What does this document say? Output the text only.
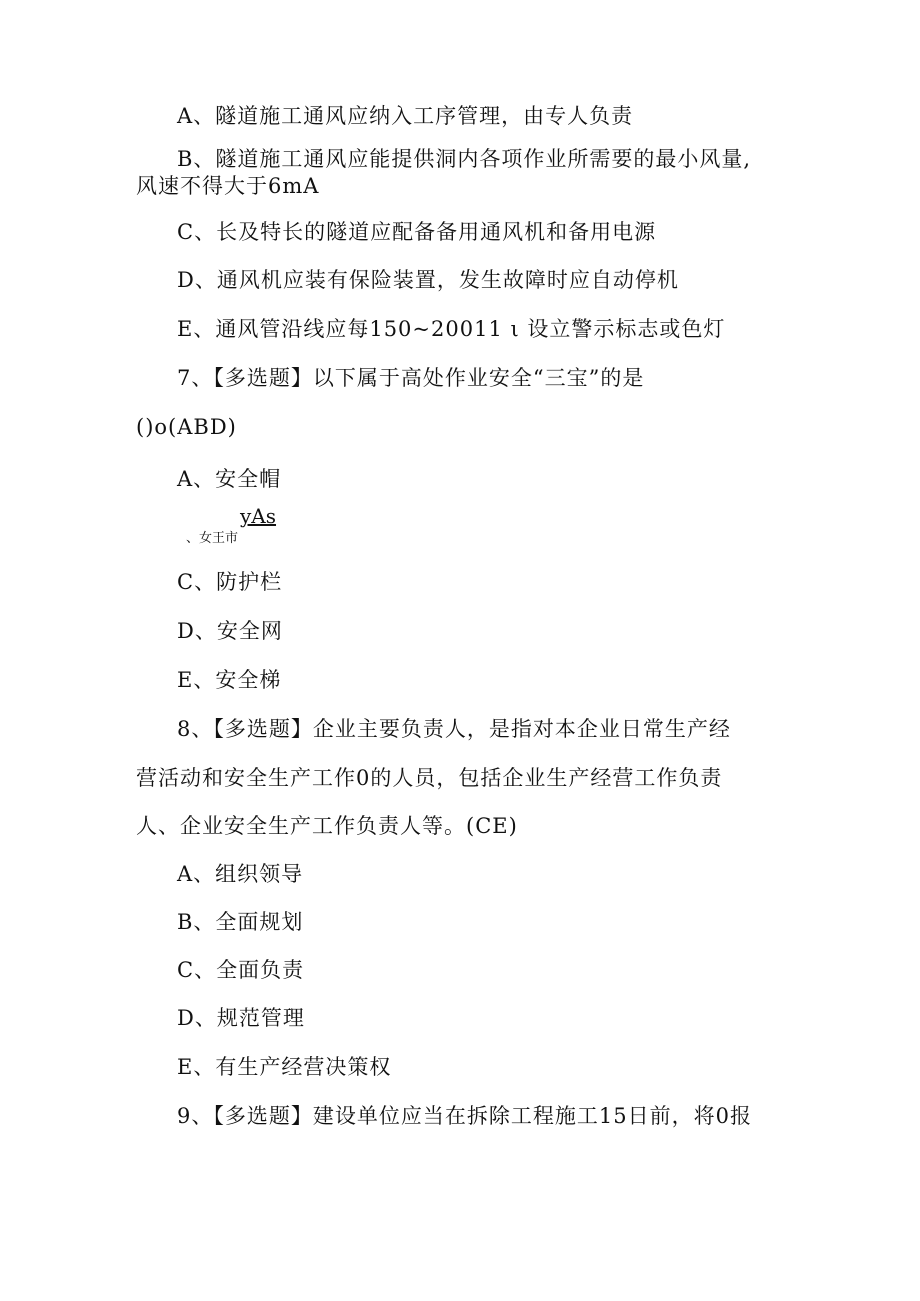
A、隧道施工通风应纳入工序管理，由专人负责
B、隧道施工通风应能提供洞内各项作业所需要的最小风量,
风速不得大于6mA
C、长及特长的隧道应配备备用通风机和备用电源
D、通风机应装有保险装置，发生故障时应自动停机
E、通风管沿线应每150~20011 ι 设立警示标志或色灯
7、【多选题】以下属于高处作业安全“三宝”的是
()o(ABD)
A、安全帽
yAs
、女王市
C、防护栏
D、安全网
E、安全梯
8、【多选题】企业主要负责人，是指对本企业日常生产经
营活动和安全生产工作0的人员，包括企业生产经营工作负责
人、企业安全生产工作负责人等。(CE)
A、组织领导
B、全面规划
C、全面负责
D、规范管理
E、有生产经营决策权
9、【多选题】建设单位应当在拆除工程施工15日前，将0报
